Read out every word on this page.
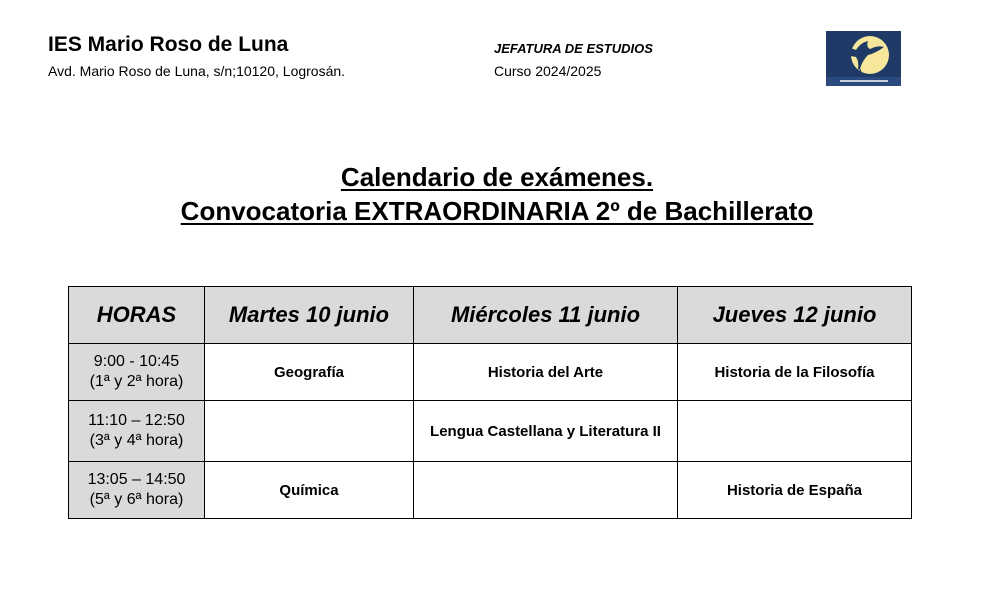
IES Mario Roso de Luna
Avd. Mario Roso de Luna, s/n;10120, Logrosán.
JEFATURA DE ESTUDIOS
Curso 2024/2025
Calendario de exámenes.
Convocatoria EXTRAORDINARIA 2º de Bachillerato
HORAS	Martes 10 junio	Miércoles 11 junio	Jueves 12 junio

9:00 - 10:45
(1ª y 2ª hora)	Geografía	Historia del Arte	Historia de la Filosofía

11:10 – 12:50
(3ª y 4ª hora)		Lengua Castellana y Literatura II	

13:05 – 14:50
(5ª y 6ª hora)	Química		Historia de España
